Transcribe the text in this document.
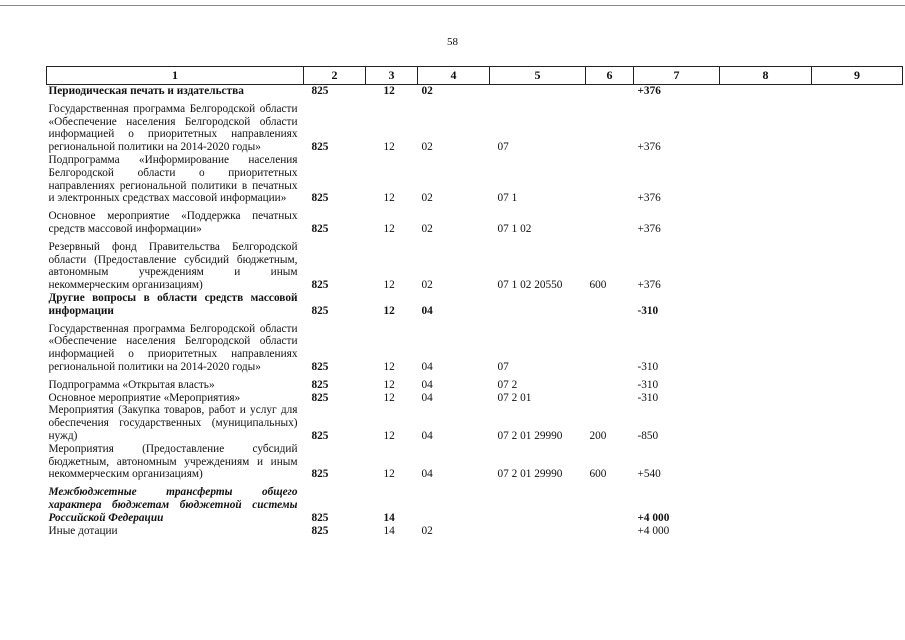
58
1	2	3	4	5	6	7	8	9
Периодическая печать и издательства	825	12	02			+376		

Государственная программа Белгородской области «Обеспечение населения Белгородской области информацией о приоритетных направлениях региональной политики на 2014-2020 годы»	825	12	02	07		+376		
Подпрограмма «Информирование населения Белгородской области о приоритетных направлениях региональной политики в печатных и электронных средствах массовой информации»	825	12	02	07 1		+376		

Основное мероприятие «Поддержка печатных средств массовой информации»	825	12	02	07 1 02		+376		

Резервный фонд Правительства Белгородской области (Предоставление субсидий бюджетным, автономным учреждениям и иным некоммерческим организациям)	825	12	02	07 1 02 20550	600	+376		
Другие вопросы в области средств массовой информации	825	12	04			-310		

Государственная программа Белгородской области «Обеспечение населения Белгородской области информацией о приоритетных направлениях региональной политики на 2014-2020 годы»	825	12	04	07		-310		

Подпрограмма «Открытая власть»	825	12	04	07 2		-310		
Основное мероприятие «Мероприятия»	825	12	04	07 2 01		-310		
Мероприятия (Закупка товаров, работ и услуг для обеспечения государственных (муниципальных) нужд)	825	12	04	07 2 01 29990	200	-850		
Мероприятия (Предоставление субсидий бюджетным, автономным учреждениям и иным некоммерческим организациям)	825	12	04	07 2 01 29990	600	+540		

Межбюджетные трансферты общего характера бюджетам бюджетной системы Российской Федерации	825	14				+4 000		
Иные дотации	825	14	02			+4 000		
